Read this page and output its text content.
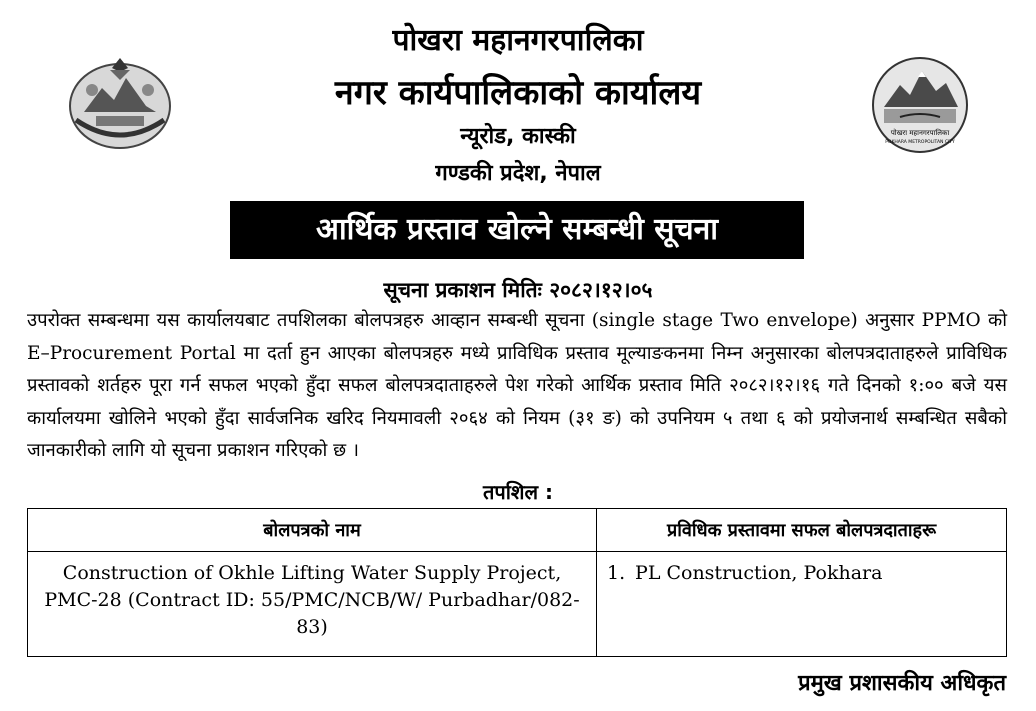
पोखरा महानगरपालिका
POKHARA METROPOLITAN CITY
पोखरा महानगरपालिका
नगर कार्यपालिकाको कार्यालय
न्यूरोड, कास्की
गण्डकी प्रदेश, नेपाल
आर्थिक प्रस्ताव खोल्ने सम्बन्धी सूचना
सूचना प्रकाशन मितिः २०८२।१२।०५
उपरोक्त सम्बन्धमा यस कार्यालयबाट तपशिलका बोलपत्रहरु आव्हान सम्बन्धी सूचना (single stage Two envelope) अनुसार PPMO को E–Procurement Portal मा दर्ता हुन आएका बोलपत्रहरु मध्ये प्राविधिक प्रस्ताव मूल्याङकनमा निम्न अनुसारका बोलपत्रदाताहरुले प्राविधिक प्रस्तावको शर्तहरु पूरा गर्न सफल भएको हुँदा सफल बोलपत्रदाताहरुले पेश गरेको आर्थिक प्रस्ताव मिति २०८२।१२।१६ गते दिनको १:०० बजे यस कार्यालयमा खोलिने भएको हुँदा सार्वजनिक खरिद नियमावली २०६४ को नियम (३१ ङ) को उपनियम ५ तथा ६ को प्रयोजनार्थ सम्बन्धित सबैको जानकारीको लागि यो सूचना प्रकाशन गरिएको छ ।
तपशिल :
बोलपत्रको नाम	प्रविधिक प्रस्तावमा सफल बोलपत्रदाताहरू
Construction of Okhle Lifting Water Supply Project, PMC-28 (Contract ID: 55/PMC/NCB/W/ Purbadhar/082-83)	1. PL Construction, Pokhara
प्रमुख प्रशासकीय अधिकृत
